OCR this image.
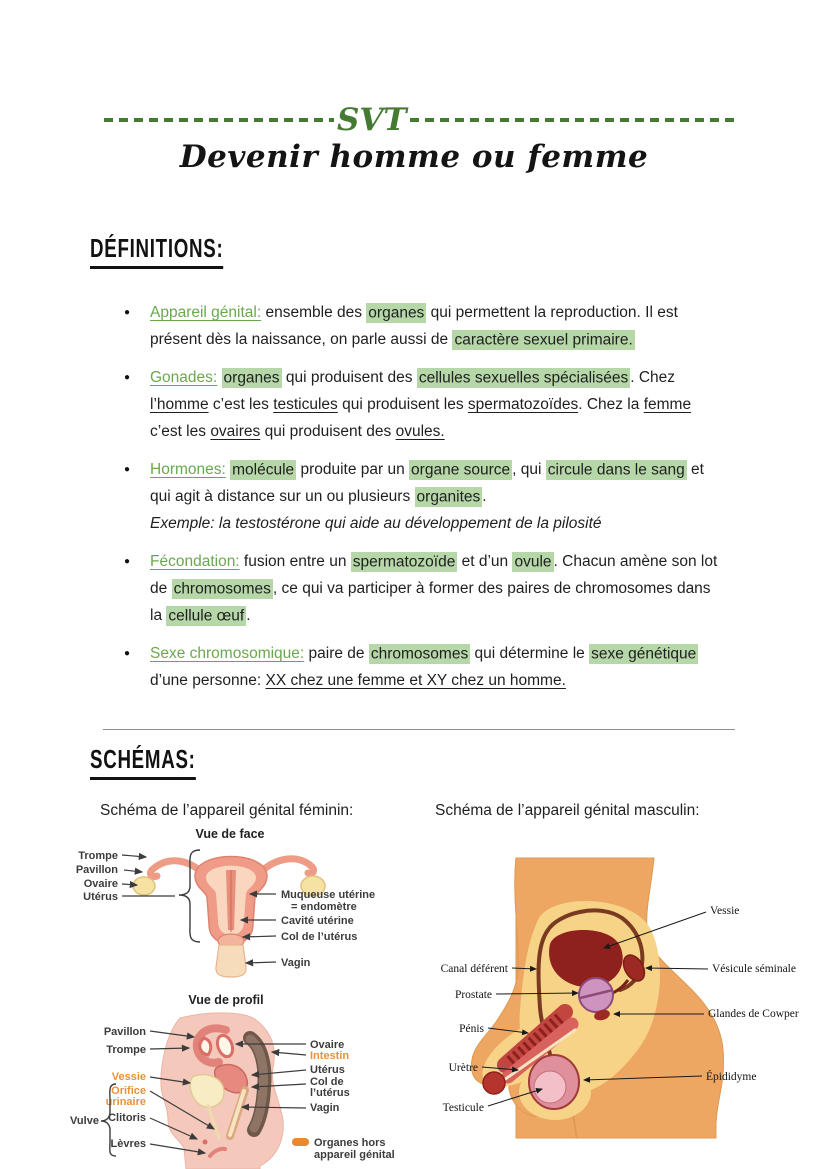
SVT
Devenir homme ou femme
DÉFINITIONS:
● Appareil génital: ensemble des organes qui permettent la reproduction. Il est présent dès la naissance, on parle aussi de caractère sexuel primaire.
● Gonades: organes qui produisent des cellules sexuelles spécialisées . Chez l’homme c’est les testicules qui produisent les spermatozoïdes. Chez la femme c’est les ovaires qui produisent des ovules.
● Hormones: molécule produite par un organe source , qui circule dans le sang et qui agit à distance sur un ou plusieurs organites .
Exemple: la testostérone qui aide au développement de la pilosité
● Fécondation: fusion entre un spermatozoïde et d’un ovule . Chacun amène son lot de chromosomes , ce qui va participer à former des paires de chromosomes dans la cellule œuf .
● Sexe chromosomique: paire de chromosomes qui détermine le sexe génétique d’une personne: XX chez une femme et XY chez un homme.
SCHÉMAS:
Schéma de l’appareil génital féminin:	Schéma de l’appareil génital masculin:
Vue de face
Trompe
Pavillon
Ovaire
Utérus	Muqueuse utérine
= endomètre
Cavité utérine
Col de l’utérus
Vagin
Vue de profil
Pavillon
Trompe
Vessie
Orifice
urinaire
Clitoris
Lèvres
Vulve
Ovaire
Intestin
Utérus
Col de
l’utérus
Vagin
Organes hors
appareil génital
Canal déférent
Prostate
Pénis
Urètre
Testicule
Vessie
Vésicule séminale
Glandes de Cowper
Épididyme
